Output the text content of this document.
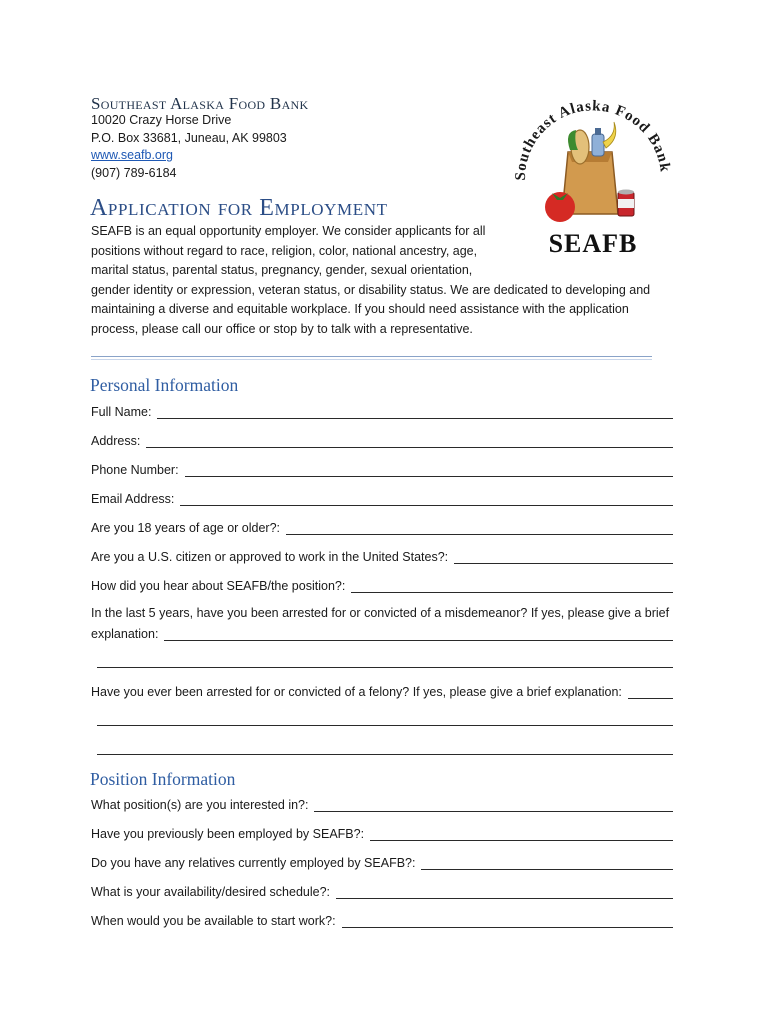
Southeast Alaska Food Bank
10020 Crazy Horse Drive
P.O. Box 33681, Juneau, AK 99803
www.seafb.org
(907) 789-6184	Southeast Alaska Food Bank
SEAFB
Application for Employment
SEAFB is an equal opportunity employer. We consider applicants for all positions without regard to race, religion, color, national ancestry, age, marital status, parental status, pregnancy, gender, sexual orientation,
gender identity or expression, veteran status, or disability status. We are dedicated to developing and maintaining a diverse and equitable workplace. If you should need assistance with the application process, please call our office or stop by to talk with a representative.
Personal Information
Full Name:
Address:
Phone Number:
Email Address:
Are you 18 years of age or older?:
Are you a U.S. citizen or approved to work in the United States?:
How did you hear about SEAFB/the position?:
In the last 5 years, have you been arrested for or convicted of a misdemeanor? If yes, please give a brief
explanation:
Have you ever been arrested for or convicted of a felony? If yes, please give a brief explanation:
Position Information
What position(s) are you interested in?:
Have you previously been employed by SEAFB?:
Do you have any relatives currently employed by SEAFB?:
What is your availability/desired schedule?:
When would you be available to start work?:
